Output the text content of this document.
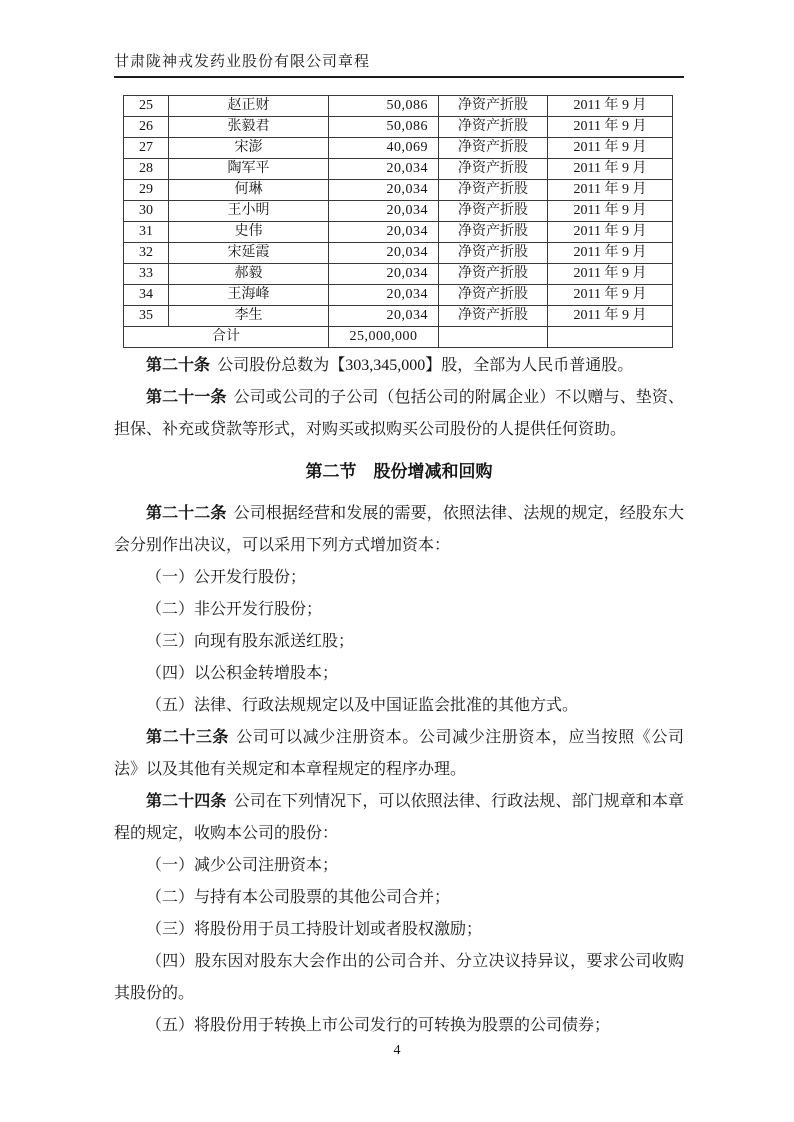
甘肃陇神戎发药业股份有限公司章程
25	赵正财	50,086	净资产折股	2011 年 9 月
26	张毅君	50,086	净资产折股	2011 年 9 月
27	宋澎	40,069	净资产折股	2011 年 9 月
28	陶军平	20,034	净资产折股	2011 年 9 月
29	何琳	20,034	净资产折股	2011 年 9 月
30	王小明	20,034	净资产折股	2011 年 9 月
31	史伟	20,034	净资产折股	2011 年 9 月
32	宋延霞	20,034	净资产折股	2011 年 9 月
33	郝毅	20,034	净资产折股	2011 年 9 月
34	王海峰	20,034	净资产折股	2011 年 9 月
35	李生	20,034	净资产折股	2011 年 9 月
合计		25,000,000		

第二十条 公司股份总数为【303,345,000】股，全部为人民币普通股。

第二十一条 公司或公司的子公司（包括公司的附属企业）不以赠与、垫资、担保、补充或贷款等形式，对购买或拟购买公司股份的人提供任何资助。

第二节　股份增减和回购

第二十二条 公司根据经营和发展的需要，依照法律、法规的规定，经股东大会分别作出决议，可以采用下列方式增加资本：

（一）公开发行股份；

（二）非公开发行股份；

（三）向现有股东派送红股；

（四）以公积金转增股本；

（五）法律、行政法规规定以及中国证监会批准的其他方式。

第二十三条 公司可以减少注册资本。公司减少注册资本，应当按照《公司法》以及其他有关规定和本章程规定的程序办理。

第二十四条 公司在下列情况下，可以依照法律、行政法规、部门规章和本章程的规定，收购本公司的股份：

（一）减少公司注册资本；

（二）与持有本公司股票的其他公司合并；

（三）将股份用于员工持股计划或者股权激励；

（四）股东因对股东大会作出的公司合并、分立决议持异议，要求公司收购其股份的。

（五）将股份用于转换上市公司发行的可转换为股票的公司债券；

4
